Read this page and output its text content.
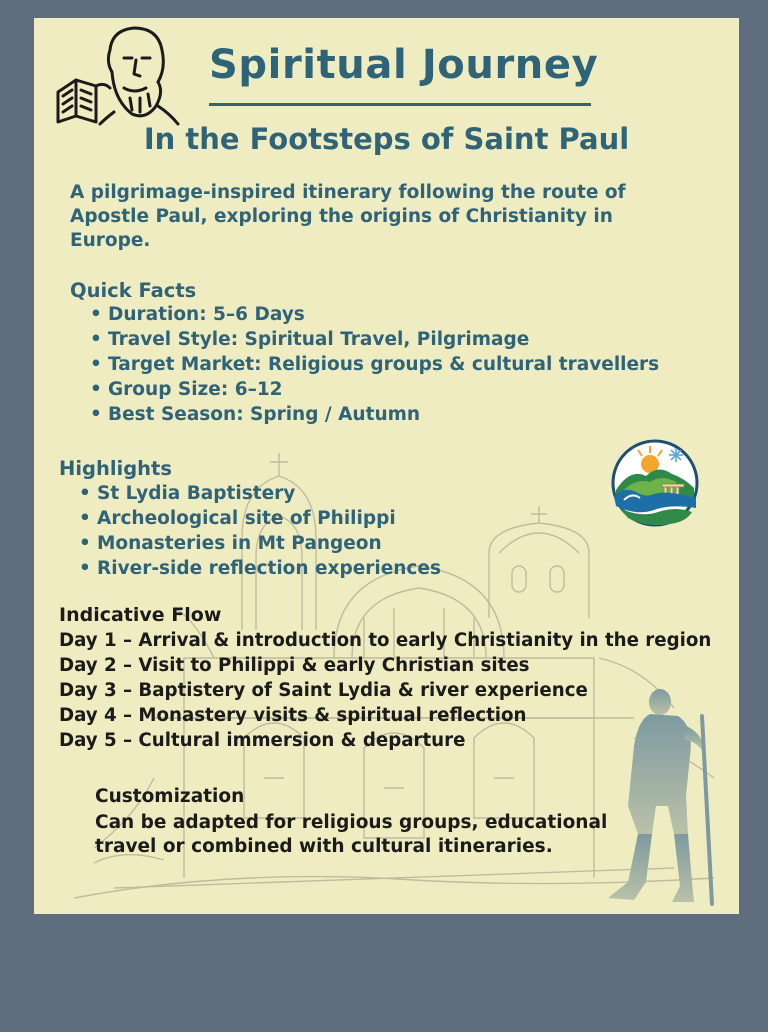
Spiritual Journey
In the Footsteps of Saint Paul

A pilgrimage-inspired itinerary following the route of Apostle Paul, exploring the origins of Christianity in Europe.

Quick Facts
• Duration: 5–6 Days
• Travel Style: Spiritual Travel, Pilgrimage
• Target Market: Religious groups & cultural travellers
• Group Size: 6–12
• Best Season: Spring / Autumn
Highlights
• St Lydia Baptistery
• Archeological site of Philippi
• Monasteries in Mt Pangeon
• River-side reflection experiences
Indicative Flow
Day 1 – Arrival & introduction to early Christianity in the region
Day 2 – Visit to Philippi & early Christian sites
Day 3 – Baptistery of Saint Lydia & river experience
Day 4 – Monastery visits & spiritual reflection
Day 5 – Cultural immersion & departure
Customization

Can be adapted for religious groups, educational travel or combined with cultural itineraries.
